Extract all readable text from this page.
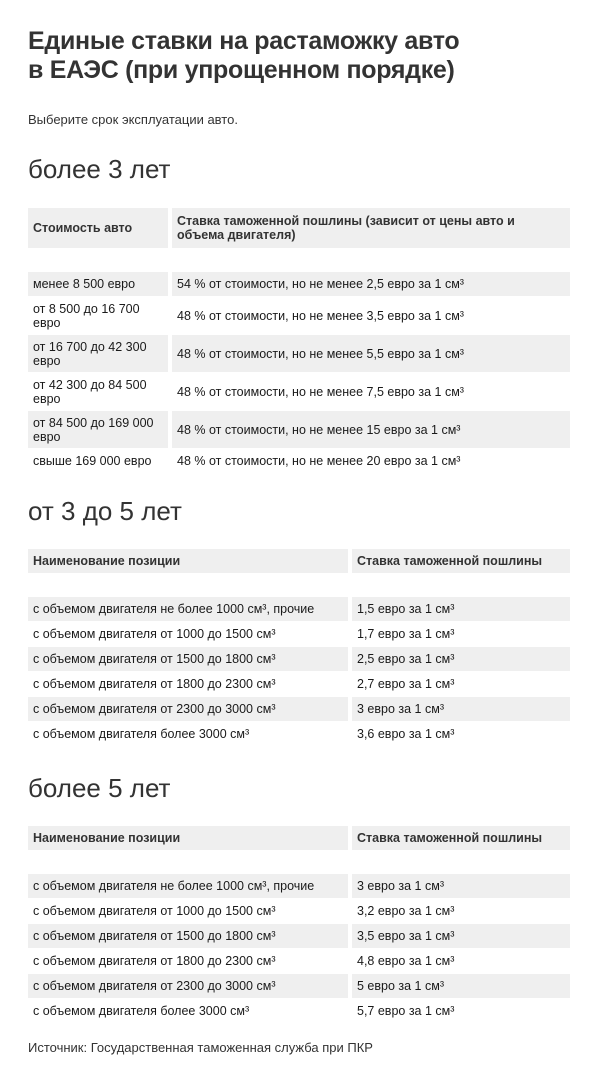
Единые ставки на растаможку авто
в ЕАЭС (при упрощенном порядке)
Выберите срок эксплуатации авто.
более 3 лет
Стоимость авто	Ставка таможенной пошлины (зависит от цены авто и объема двигателя)

менее 8 500 евро	54 % от стоимости, но не менее 2,5 евро за 1 см³

от 8 500 до 16 700 евро	48 % от стоимости, но не менее 3,5 евро за 1 см³

от 16 700 до 42 300 евро	48 % от стоимости, но не менее 5,5 евро за 1 см³

от 42 300 до 84 500 евро	48 % от стоимости, но не менее 7,5 евро за 1 см³

от 84 500 до 169 000 евро	48 % от стоимости, но не менее 15 евро за 1 см³

свыше 169 000 евро	48 % от стоимости, но не менее 20 евро за 1 см³
от 3 до 5 лет
Наименование позиции	Ставка таможенной пошлины

с объемом двигателя не более 1000 см³, прочие	1,5 евро за 1 см³

с объемом двигателя от 1000 до 1500 см³	1,7 евро за 1 см³

с объемом двигателя от 1500 до 1800 см³	2,5 евро за 1 см³

с объемом двигателя от 1800 до 2300 см³	2,7 евро за 1 см³

с объемом двигателя от 2300 до 3000 см³	3 евро за 1 см³

с объемом двигателя более 3000 см³	3,6 евро за 1 см³
более 5 лет
Наименование позиции	Ставка таможенной пошлины

с объемом двигателя не более 1000 см³, прочие	3 евро за 1 см³

с объемом двигателя от 1000 до 1500 см³	3,2 евро за 1 см³

с объемом двигателя от 1500 до 1800 см³	3,5 евро за 1 см³

с объемом двигателя от 1800 до 2300 см³	4,8 евро за 1 см³

с объемом двигателя от 2300 до 3000 см³	5 евро за 1 см³

с объемом двигателя более 3000 см³	5,7 евро за 1 см³
Источник: Государственная таможенная служба при ПКР
